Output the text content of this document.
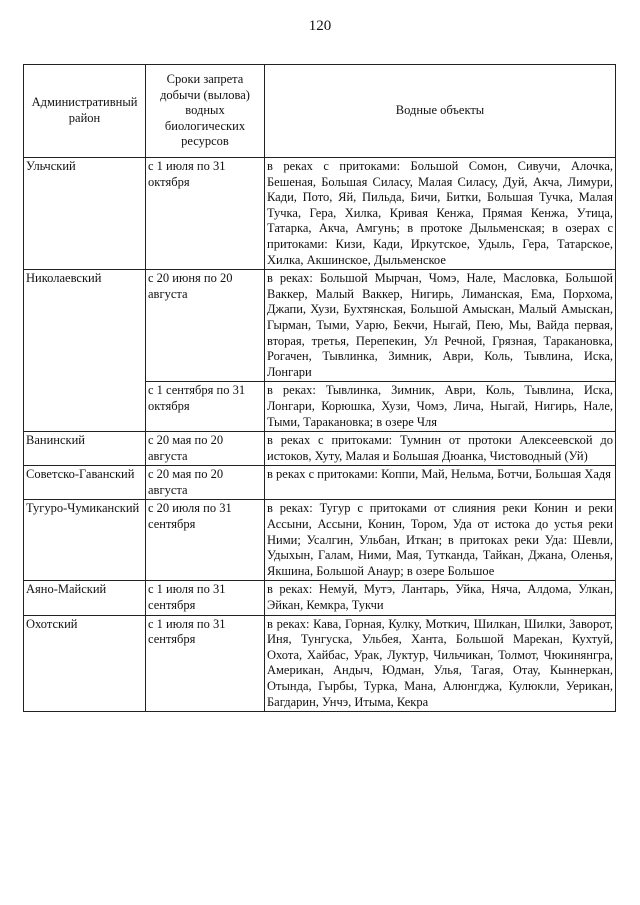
120
Административный район	Сроки запрета добычи (вылова) водных биологических ресурсов	Водные объекты
Ульчский	с 1 июля по 31 октября	в реках с притоками: Большой Сомон, Сивучи, Алочка, Бешеная, Большая Силасу, Малая Силасу, Дуй, Акча, Лимури, Кади, Пото, Яй, Пильда, Бичи, Битки, Большая Тучка, Малая Тучка, Гера, Хилка, Кривая Кенжа, Прямая Кенжа, Утица, Татарка, Акча, Амгунь; в протоке Дыльменская; в озерах с притоками: Кизи, Кади, Иркутское, Удыль, Гера, Татарское, Хилка, Акшинское, Дыльменское
Николаевский	с 20 июня по 20 августа	в реках: Большой Мырчан, Чомэ, Нале, Масловка, Большой Ваккер, Малый Ваккер, Нигирь, Лиманская, Ема, Порхома, Джапи, Хузи, Бухтянская, Большой Амыскан, Малый Амыскан, Гырман, Тыми, Уарю, Бекчи, Ныгай, Пею, Мы, Вайда первая, вторая, третья, Перепекин, Ул Речной, Грязная, Таракановка, Рогачен, Тывлинка, Зимник, Аври, Коль, Тывлина, Иска, Лонгари
	с 1 сентября по 31 октября	в реках: Тывлинка, Зимник, Аври, Коль, Тывлина, Иска, Лонгари, Корюшка, Хузи, Чомэ, Лича, Ныгай, Нигирь, Нале, Тыми, Таракановка; в озере Чля
Ванинский	с 20 мая по 20 августа	в реках с притоками: Тумнин от протоки Алексеевской до истоков, Хуту, Малая и Большая Дюанка, Чистоводный (Уй)
Советско-Гаванский	с 20 мая по 20 августа	в реках с притоками: Коппи, Май, Нельма, Ботчи, Большая Хадя
Тугуро-Чумиканский	с 20 июля по 31 сентября	в реках: Тугур с притоками от слияния реки Конин и реки Ассыни, Ассыни, Конин, Тором, Уда от истока до устья реки Ними; Усалгин, Ульбан, Иткан; в притоках реки Уда: Шевли, Удыхын, Галам, Ними, Мая, Тутканда, Тайкан, Джана, Оленья, Якшина, Большой Анаур; в озере Большое
Аяно-Майский	с 1 июля по 31 сентября	в реках: Немуй, Мутэ, Лантарь, Уйка, Няча, Алдома, Улкан, Эйкан, Кемкра, Тукчи
Охотский	с 1 июля по 31 сентября	в реках: Кава, Горная, Кулку, Моткич, Шилкан, Шилки, Заворот, Иня, Тунгуска, Ульбея, Ханта, Большой Марекан, Кухтуй, Охота, Хайбас, Урак, Луктур, Чильчикан, Толмот, Чюкинянгра, Американ, Андыч, Юдман, Улья, Тагая, Отау, Кыннеркан, Отында, Гырбы, Турка, Мана, Алюнгджа, Кулюкли, Уерикан, Багдарин, Унчэ, Итыма, Кекра
